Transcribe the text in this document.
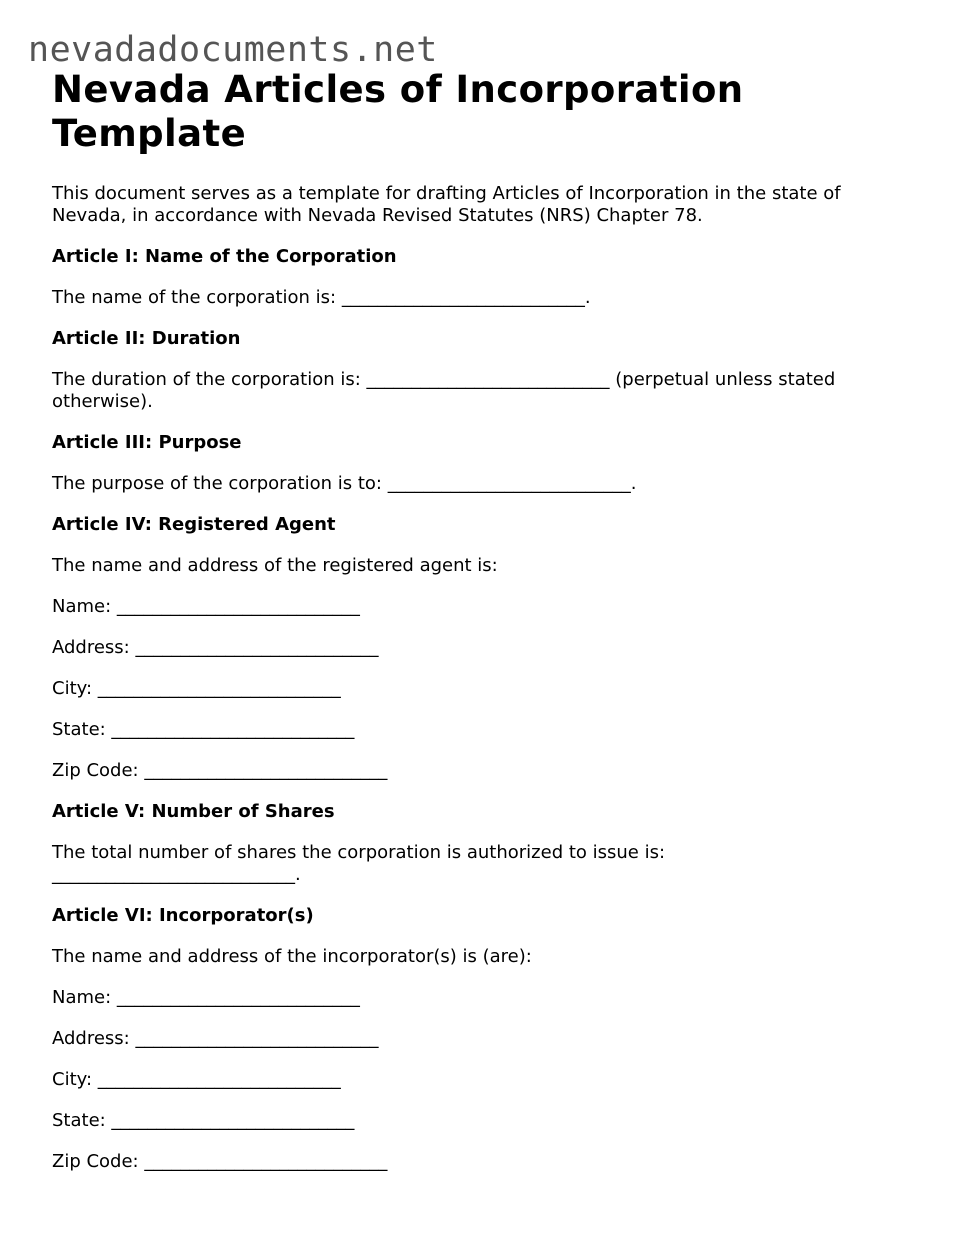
nevadadocuments.net
Nevada Articles of Incorporation Template

This document serves as a template for drafting Articles of Incorporation in the state of Nevada, in accordance with Nevada Revised Statutes (NRS) Chapter 78.

Article I: Name of the Corporation

The name of the corporation is: ___________________________.

Article II: Duration

The duration of the corporation is: ___________________________ (perpetual unless stated otherwise).

Article III: Purpose

The purpose of the corporation is to: ___________________________.

Article IV: Registered Agent

The name and address of the registered agent is:

Name: ___________________________

Address: ___________________________

City: ___________________________

State: ___________________________

Zip Code: ___________________________

Article V: Number of Shares

The total number of shares the corporation is authorized to issue is: ___________________________.

Article VI: Incorporator(s)

The name and address of the incorporator(s) is (are):

Name: ___________________________

Address: ___________________________

City: ___________________________

State: ___________________________

Zip Code: ___________________________
